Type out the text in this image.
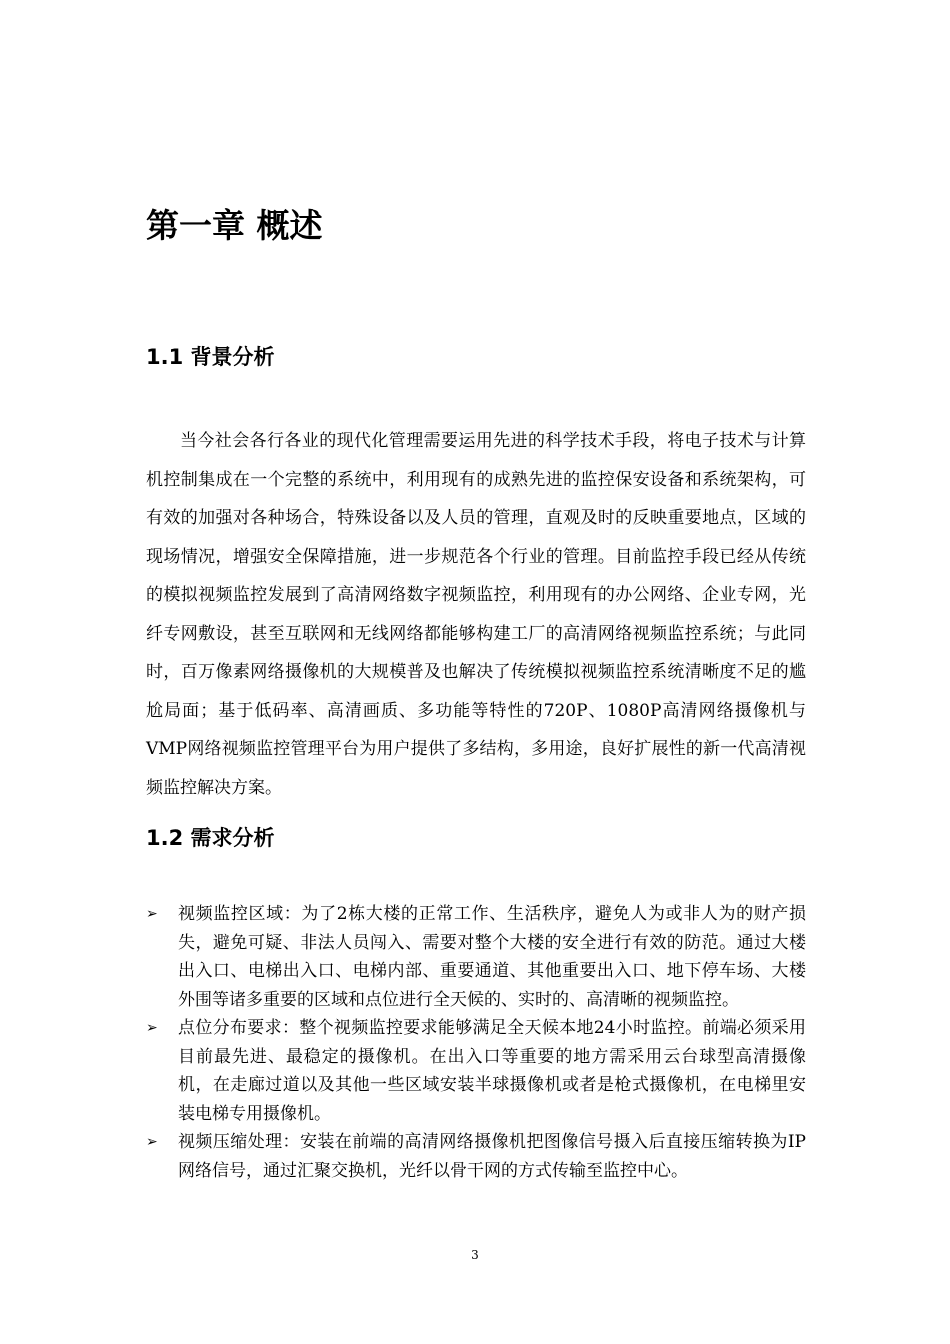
第一章 概述
1.1 背景分析

当今社会各行各业的现代化管理需要运用先进的科学技术手段，将电子技术与计算机控制集成在一个完整的系统中，利用现有的成熟先进的监控保安设备和系统架构，可有效的加强对各种场合，特殊设备以及人员的管理，直观及时的反映重要地点，区域的现场情况，增强安全保障措施，进一步规范各个行业的管理。目前监控手段已经从传统的模拟视频监控发展到了高清网络数字视频监控，利用现有的办公网络、企业专网，光纤专网敷设，甚至互联网和无线网络都能够构建工厂的高清网络视频监控系统；与此同时，百万像素网络摄像机的大规模普及也解决了传统模拟视频监控系统清晰度不足的尴尬局面；基于低码率、高清画质、多功能等特性的720P、1080P高清网络摄像机与VMP网络视频监控管理平台为用户提供了多结构，多用途，良好扩展性的新一代高清视频监控解决方案。

1.2 需求分析
➢	视频监控区域：为了2栋大楼的正常工作、生活秩序，避免人为或非人为的财产损失，避免可疑、非法人员闯入、需要对整个大楼的安全进行有效的防范。通过大楼出入口、电梯出入口、电梯内部、重要通道、其他重要出入口、地下停车场、大楼外围等诸多重要的区域和点位进行全天候的、实时的、高清晰的视频监控。
➢	点位分布要求：整个视频监控要求能够满足全天候本地24小时监控。前端必须采用目前最先进、最稳定的摄像机。在出入口等重要的地方需采用云台球型高清摄像机，在走廊过道以及其他一些区域安装半球摄像机或者是枪式摄像机，在电梯里安装电梯专用摄像机。
➢	视频压缩处理：安装在前端的高清网络摄像机把图像信号摄入后直接压缩转换为IP网络信号，通过汇聚交换机，光纤以骨干网的方式传输至监控中心。
3
